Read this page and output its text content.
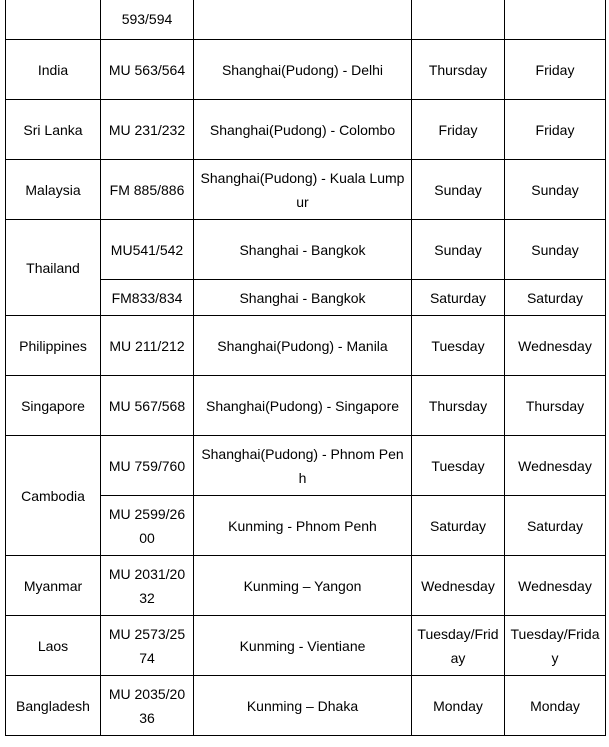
	593/594			
India	MU 563/564	Shanghai(Pudong) - Delhi	Thursday	Friday
Sri Lanka	MU 231/232	Shanghai(Pudong) - Colombo	Friday	Friday
Malaysia	FM 885/886	Shanghai(Pudong) - Kuala Lumpur	Sunday	Sunday
Thailand	MU541/542	Shanghai - Bangkok	Sunday	Sunday
	FM833/834	Shanghai - Bangkok	Saturday	Saturday
Philippines	MU 211/212	Shanghai(Pudong) - Manila	Tuesday	Wednesday
Singapore	MU 567/568	Shanghai(Pudong) - Singapore	Thursday	Thursday
Cambodia	MU 759/760	Shanghai(Pudong) - Phnom Penh	Tuesday	Wednesday
	MU 2599/2600	Kunming - Phnom Penh	Saturday	Saturday
Myanmar	MU 2031/2032	Kunming – Yangon	Wednesday	Wednesday
Laos	MU 2573/2574	Kunming - Vientiane	Tuesday/Friday	Tuesday/Friday
Bangladesh	MU 2035/2036	Kunming – Dhaka	Monday	Monday
